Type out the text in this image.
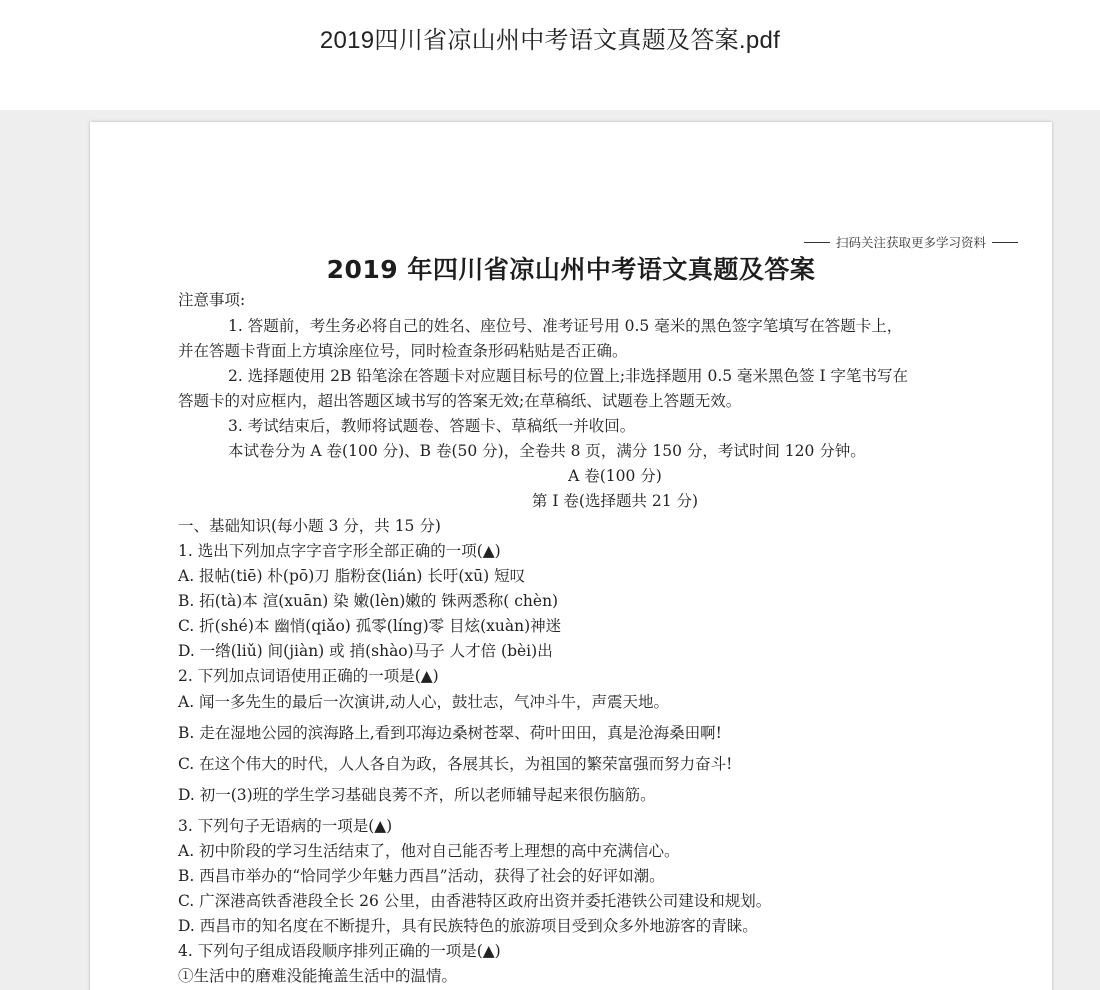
2019四川省凉山州中考语文真题及答案.pdf
扫码关注获取更多学习资料
2019 年四川省凉山州中考语文真题及答案
注意事项:
1. 答题前，考生务必将自己的姓名、座位号、准考证号用 0.5 毫米的黑色签字笔填写在答题卡上，
并在答题卡背面上方填涂座位号，同时检查条形码粘贴是否正确。
2. 选择题使用 2B 铅笔涂在答题卡对应题目标号的位置上;非选择题用 0.5 毫米黑色签 I 字笔书写在
答题卡的对应框内，超出答题区域书写的答案无效;在草稿纸、试题卷上答题无效。
3. 考试结束后，教师将试题卷、答题卡、草稿纸一并收回。
本试卷分为 A 卷(100 分)、B 卷(50 分)，全卷共 8 页，满分 150 分，考试时间 120 分钟。
A 卷(100 分)
第 I 卷(选择题共 21 分)
一、基础知识(每小题 3 分，共 15 分)
1. 选出下列加点字字音字形全部正确的一项(▲)
A. 报帖(tiē) 朴(pō)刀 脂粉奁(lián) 长吁(xū) 短叹
B. 拓(tà)本 渲(xuān) 染 嫩(lèn)嫩的 铢两悉称( chèn)
C. 折(shé)本 幽悄(qiǎo) 孤零(líng)零 目炫(xuàn)神迷
D. 一绺(liǔ) 间(jiàn) 或 捎(shào)马子 人才倍 (bèi)出
2. 下列加点词语使用正确的一项是(▲)
A. 闻一多先生的最后一次演讲,动人心，鼓壮志，气冲斗牛，声震天地。
B. 走在湿地公园的滨海路上,看到邛海边桑树苍翠、荷叶田田，真是沧海桑田啊!
C. 在这个伟大的时代，人人各自为政，各展其长，为祖国的繁荣富强而努力奋斗!
D. 初一(3)班的学生学习基础良莠不齐，所以老师辅导起来很伤脑筋。
3. 下列句子无语病的一项是(▲)
A. 初中阶段的学习生活结束了，他对自己能否考上理想的高中充满信心。
B. 西昌市举办的“恰同学少年魅力西昌”活动，获得了社会的好评如潮。
C. 广深港高铁香港段全长 26 公里，由香港特区政府出资并委托港铁公司建设和规划。
D. 西昌市的知名度在不断提升，具有民族特色的旅游项目受到众多外地游客的青睐。
4. 下列句子组成语段顺序排列正确的一项是(▲)
①生活中的磨难没能掩盖生活中的温情。
